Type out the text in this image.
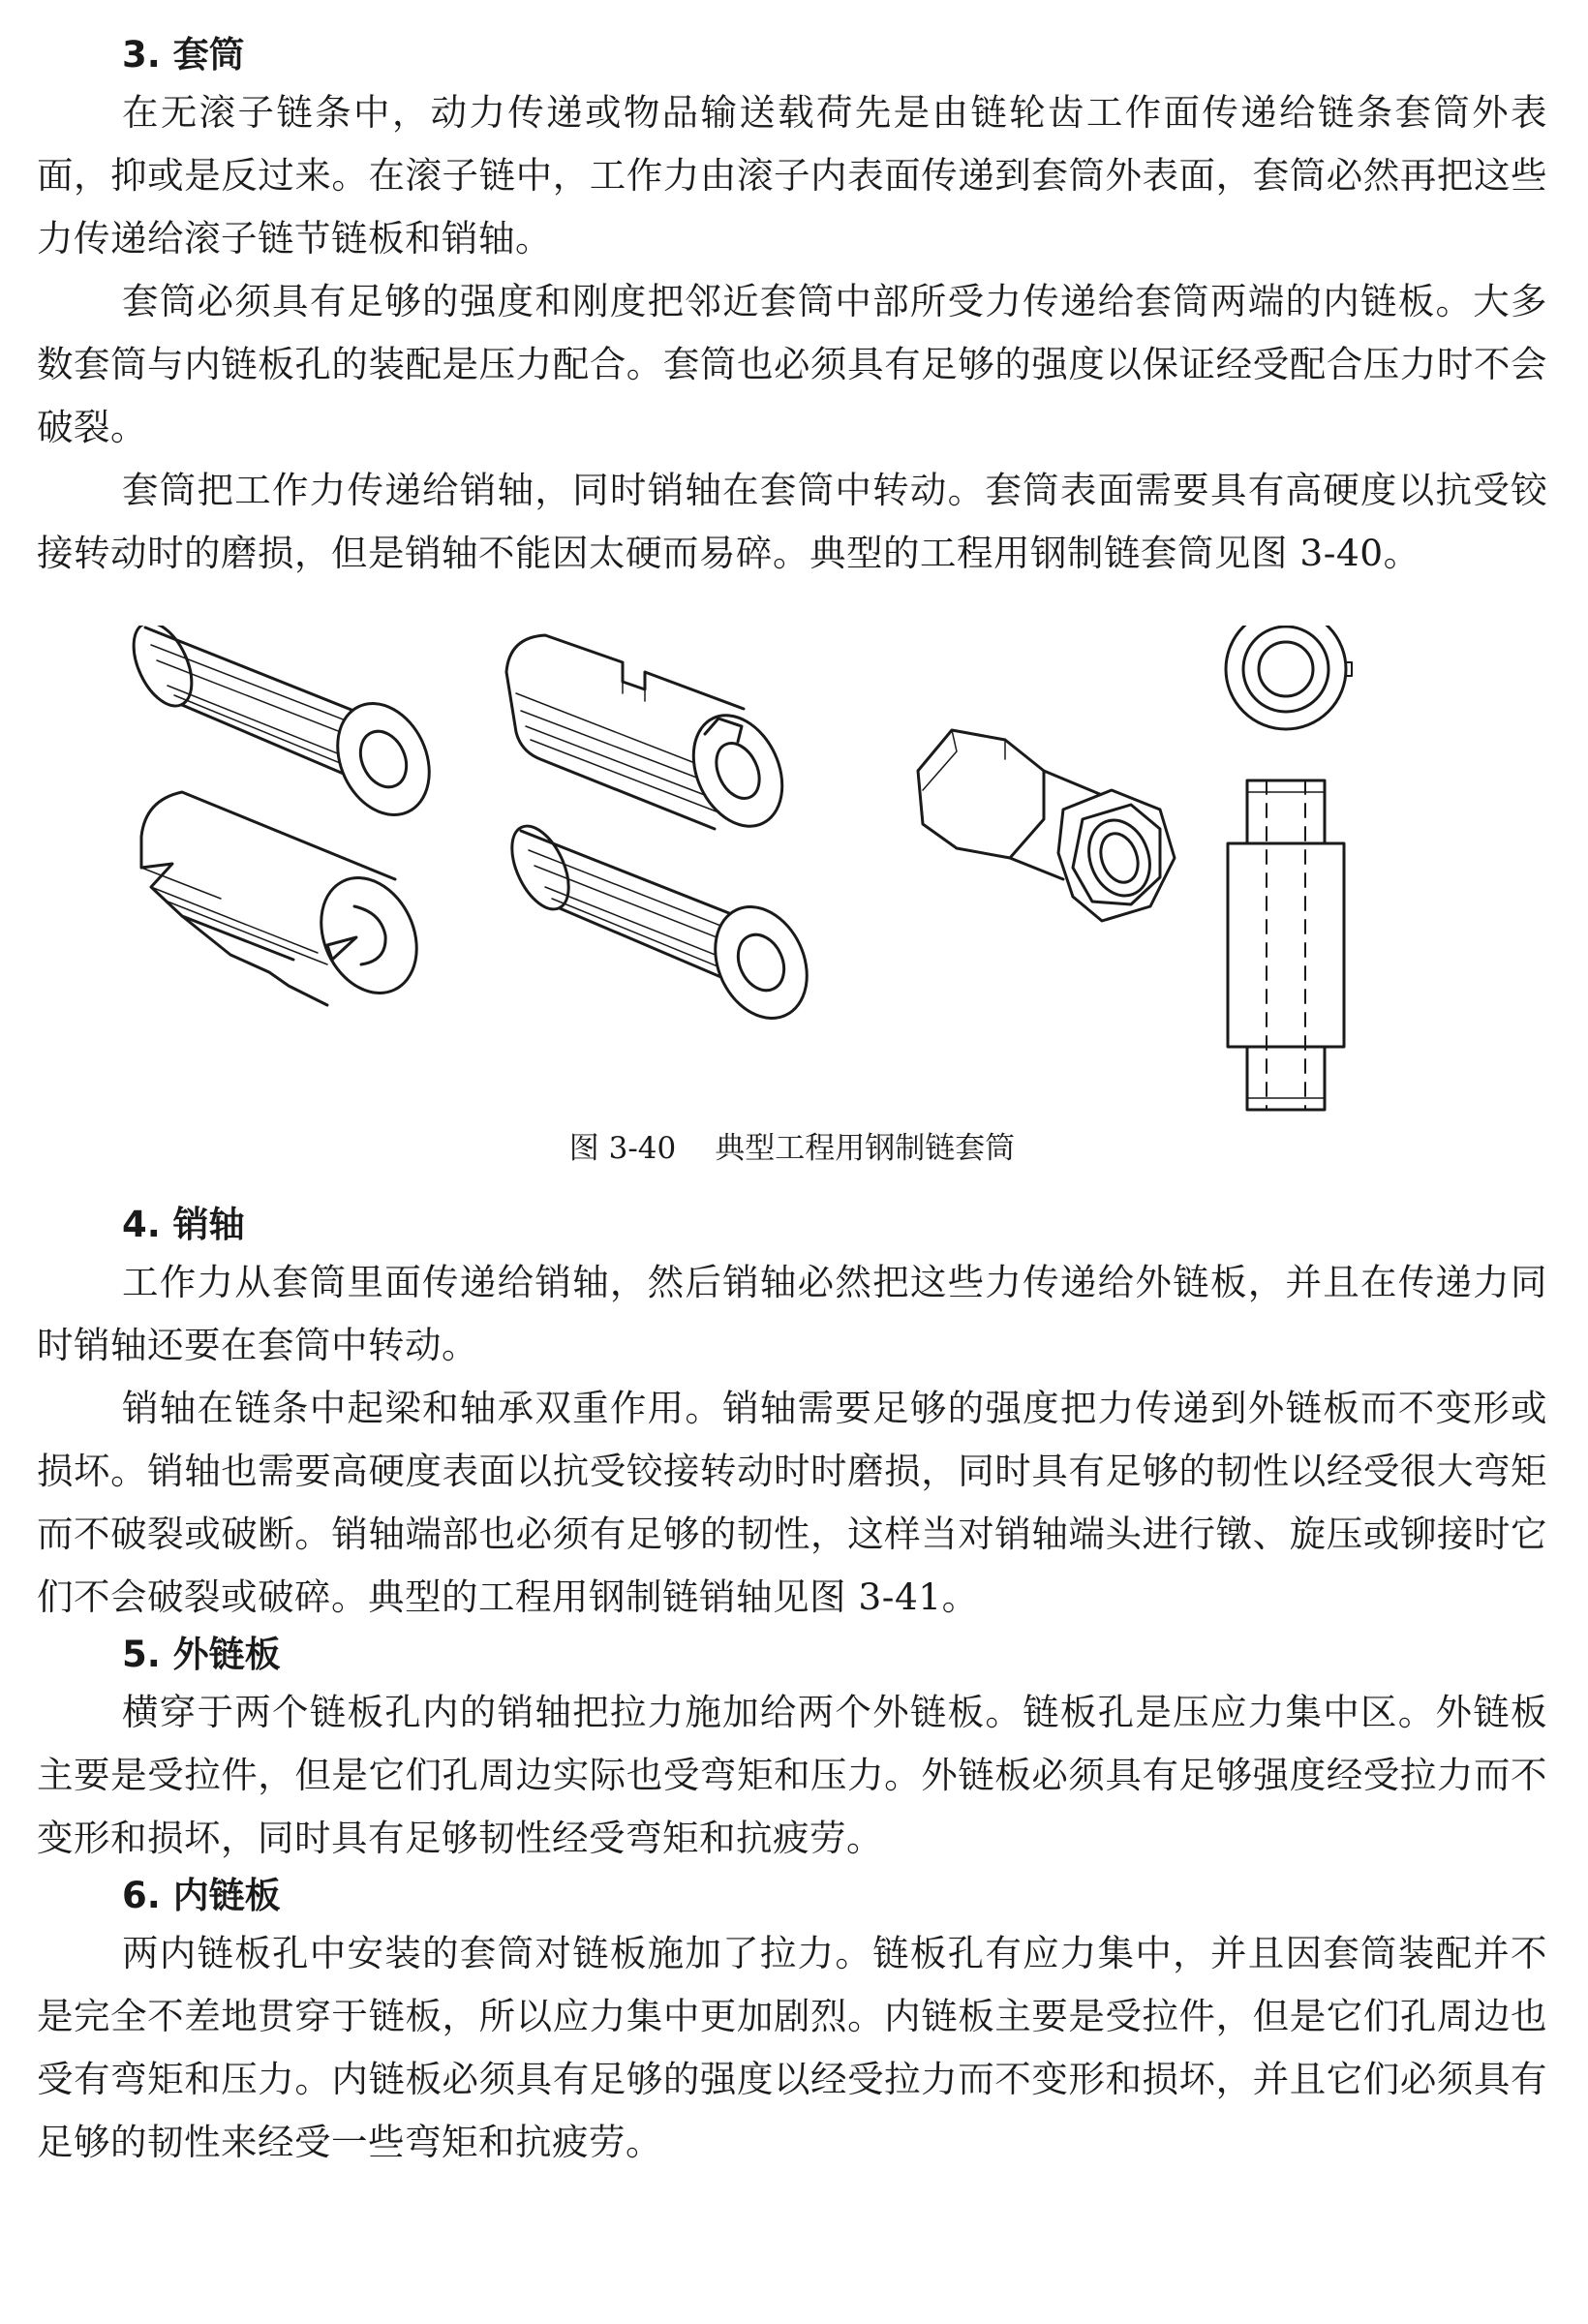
3. 套筒

在无滚子链条中，动力传递或物品输送载荷先是由链轮齿工作面传递给链条套筒外表面，抑或是反过来。在滚子链中，工作力由滚子内表面传递到套筒外表面，套筒必然再把这些力传递给滚子链节链板和销轴。

套筒必须具有足够的强度和刚度把邻近套筒中部所受力传递给套筒两端的内链板。大多数套筒与内链板孔的装配是压力配合。套筒也必须具有足够的强度以保证经受配合压力时不会破裂。

套筒把工作力传递给销轴，同时销轴在套筒中转动。套筒表面需要具有高硬度以抗受铰接转动时的磨损，但是销轴不能因太硬而易碎。典型的工程用钢制链套筒见图 3-40。

图 3-40 典型工程用钢制链套筒
4. 销轴

工作力从套筒里面传递给销轴，然后销轴必然把这些力传递给外链板，并且在传递力同时销轴还要在套筒中转动。

销轴在链条中起梁和轴承双重作用。销轴需要足够的强度把力传递到外链板而不变形或损坏。销轴也需要高硬度表面以抗受铰接转动时时磨损，同时具有足够的韧性以经受很大弯矩而不破裂或破断。销轴端部也必须有足够的韧性，这样当对销轴端头进行镦、旋压或铆接时它们不会破裂或破碎。典型的工程用钢制链销轴见图 3-41。

5. 外链板

横穿于两个链板孔内的销轴把拉力施加给两个外链板。链板孔是压应力集中区。外链板主要是受拉件，但是它们孔周边实际也受弯矩和压力。外链板必须具有足够强度经受拉力而不变形和损坏，同时具有足够韧性经受弯矩和抗疲劳。

6. 内链板

两内链板孔中安装的套筒对链板施加了拉力。链板孔有应力集中，并且因套筒装配并不是完全不差地贯穿于链板，所以应力集中更加剧烈。内链板主要是受拉件，但是它们孔周边也受有弯矩和压力。内链板必须具有足够的强度以经受拉力而不变形和损坏，并且它们必须具有足够的韧性来经受一些弯矩和抗疲劳。
